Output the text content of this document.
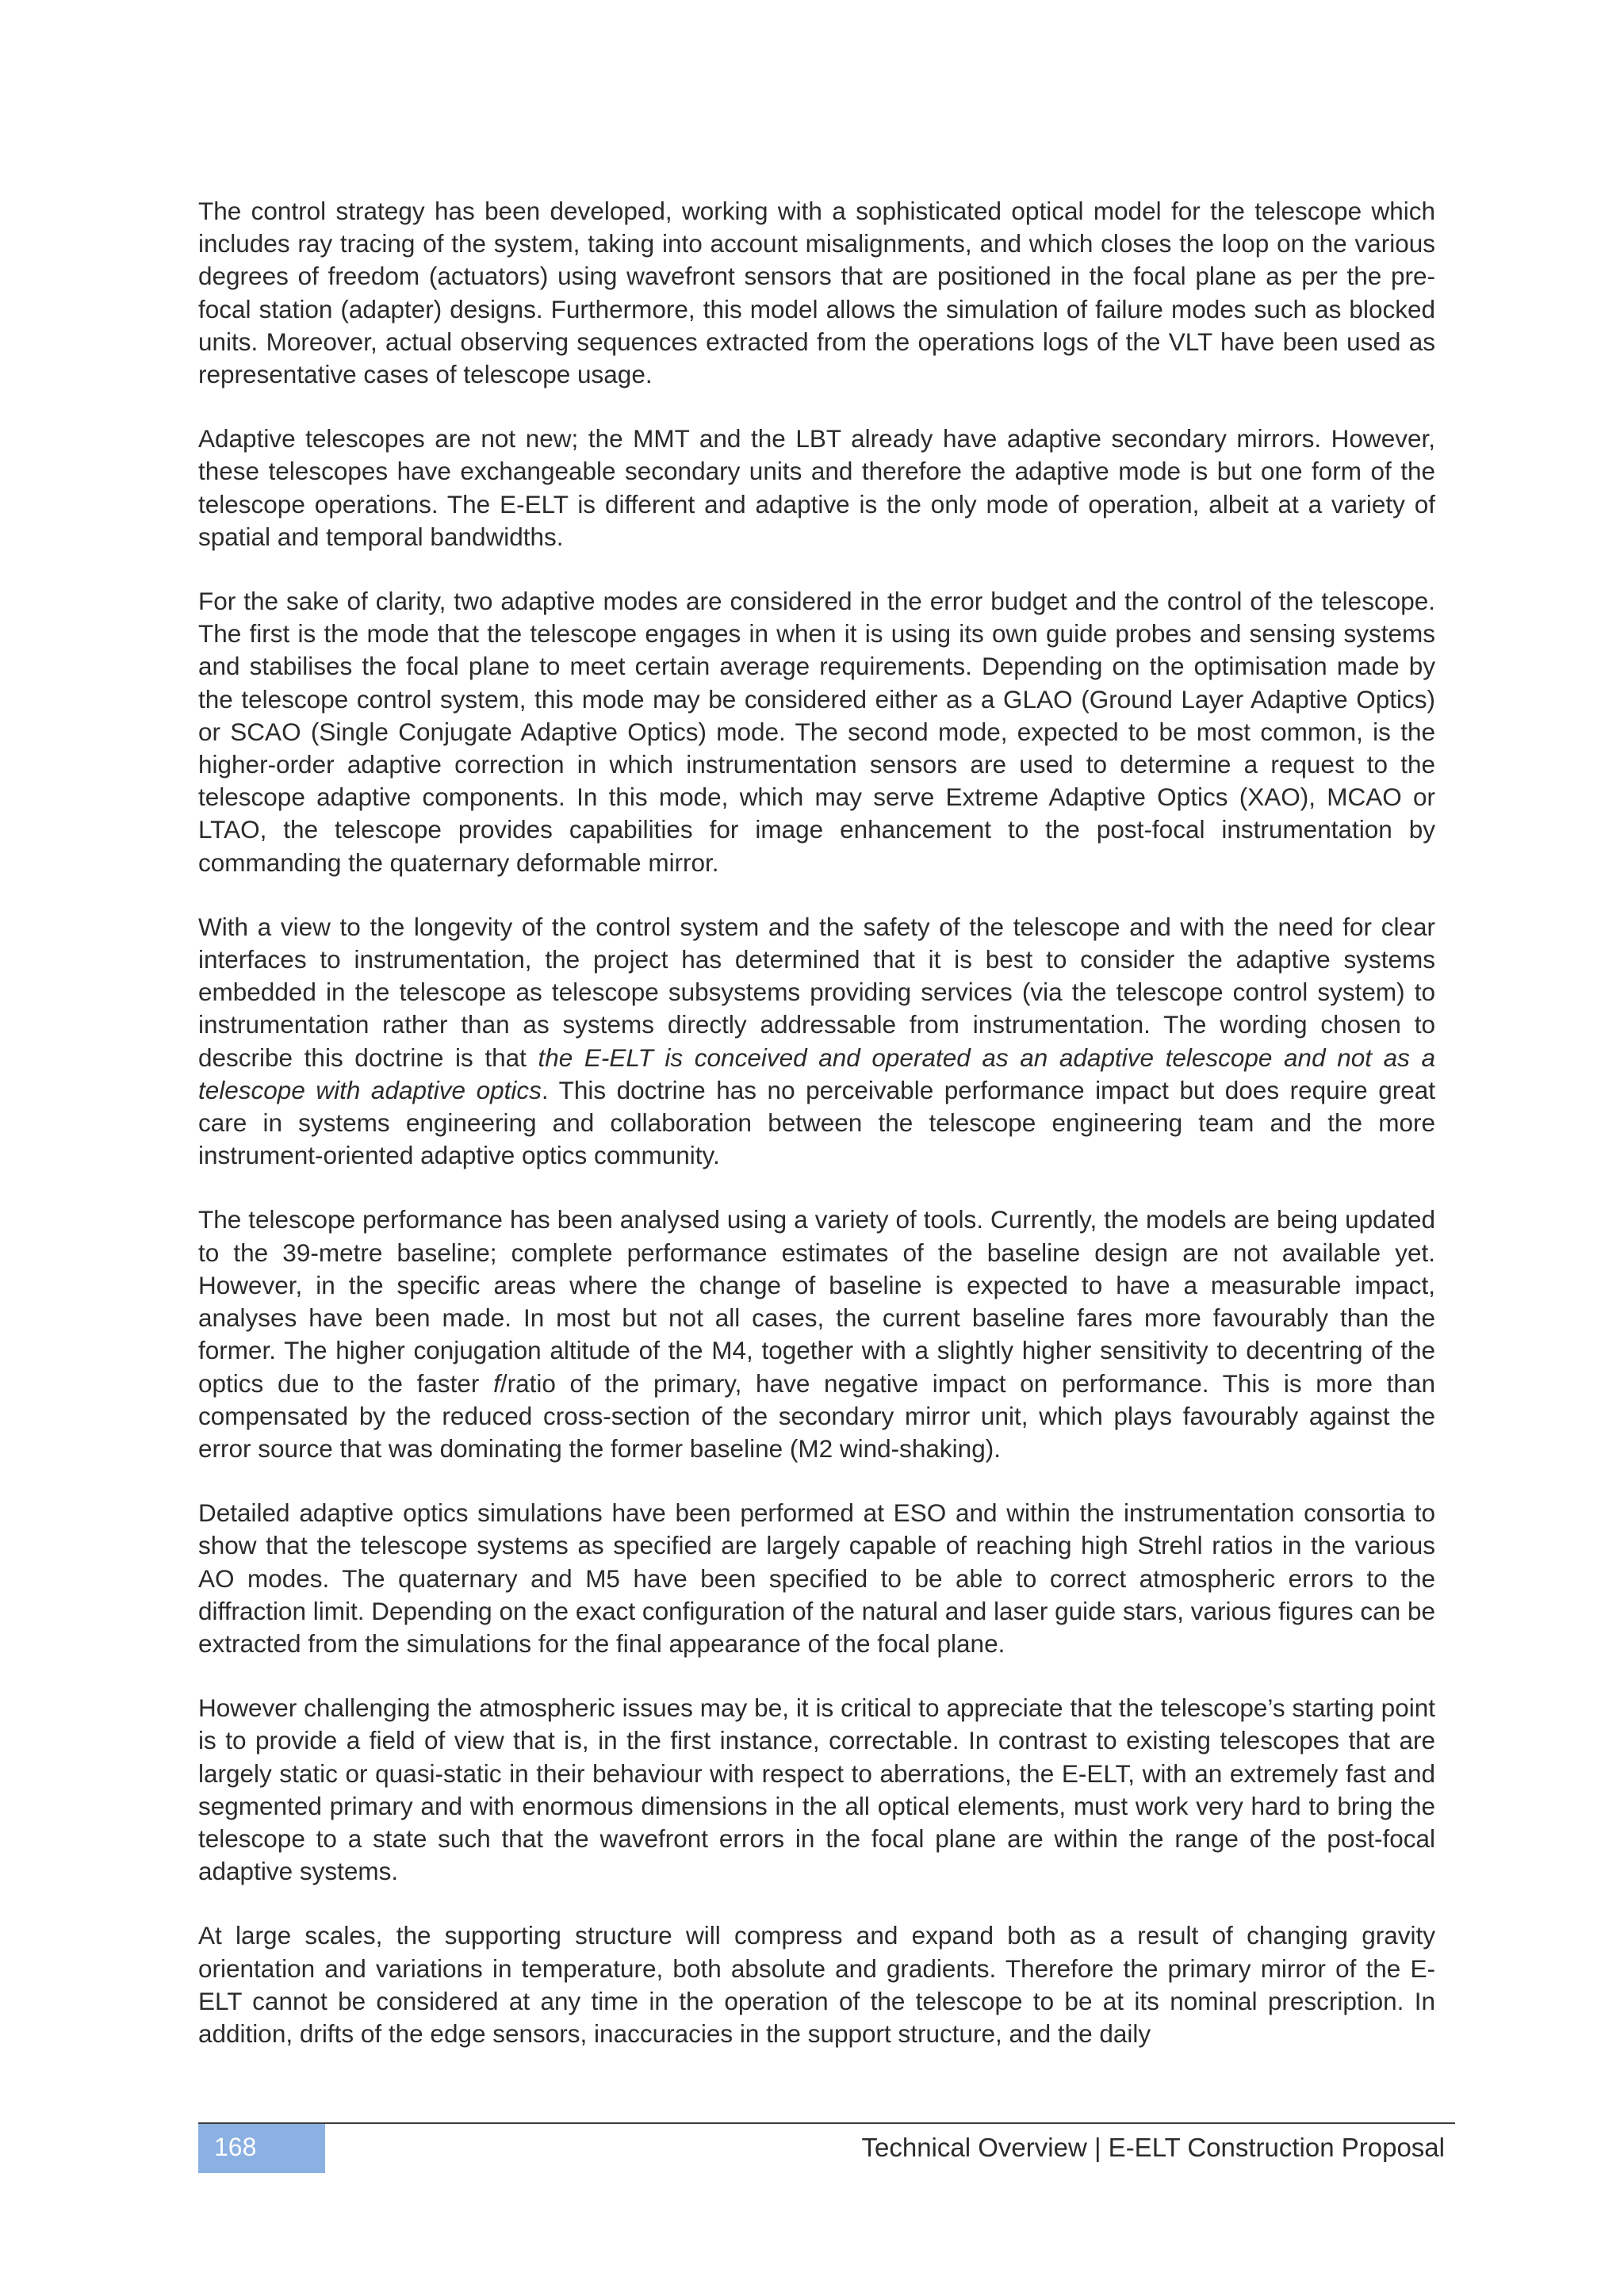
The control strategy has been developed, working with a sophisticated optical model for the telescope which includes ray tracing of the system, taking into account misalignments, and which closes the loop on the various degrees of freedom (actuators) using wavefront sensors that are positioned in the focal plane as per the pre-focal station (adapter) designs. Furthermore, this model allows the simulation of failure modes such as blocked units. Moreover, actual observing sequences extracted from the operations logs of the VLT have been used as representative cases of telescope usage.

Adaptive telescopes are not new; the MMT and the LBT already have adaptive secondary mirrors. However, these telescopes have exchangeable secondary units and therefore the adaptive mode is but one form of the telescope operations. The E-ELT is different and adaptive is the only mode of operation, albeit at a variety of spatial and temporal bandwidths.

For the sake of clarity, two adaptive modes are considered in the error budget and the control of the telescope. The first is the mode that the telescope engages in when it is using its own guide probes and sensing systems and stabilises the focal plane to meet certain average requirements. Depending on the optimisation made by the telescope control system, this mode may be considered either as a GLAO (Ground Layer Adaptive Optics) or SCAO (Single Conjugate Adaptive Optics) mode. The second mode, expected to be most common, is the higher-order adaptive correction in which instrumentation sensors are used to determine a request to the telescope adaptive components. In this mode, which may serve Extreme Adaptive Optics (XAO), MCAO or LTAO, the telescope provides capabilities for image enhancement to the post-focal instrumentation by commanding the quaternary deformable mirror.

With a view to the longevity of the control system and the safety of the telescope and with the need for clear interfaces to instrumentation, the project has determined that it is best to consider the adaptive systems embedded in the telescope as telescope subsystems providing services (via the telescope control system) to instrumentation rather than as systems directly addressable from instrumentation. The wording chosen to describe this doctrine is that the E-ELT is conceived and operated as an adaptive telescope and not as a telescope with adaptive optics. This doctrine has no perceivable performance impact but does require great care in systems engineering and collaboration between the telescope engineering team and the more instrument-oriented adaptive optics community.

The telescope performance has been analysed using a variety of tools. Currently, the models are being updated to the 39-metre baseline; complete performance estimates of the baseline design are not available yet. However, in the specific areas where the change of baseline is expected to have a measurable impact, analyses have been made. In most but not all cases, the current baseline fares more favourably than the former. The higher conjugation altitude of the M4, together with a slightly higher sensitivity to decentring of the optics due to the faster f/ratio of the primary, have negative impact on performance. This is more than compensated by the reduced cross-section of the secondary mirror unit, which plays favourably against the error source that was dominating the former baseline (M2 wind-shaking).

Detailed adaptive optics simulations have been performed at ESO and within the instrumentation consortia to show that the telescope systems as specified are largely capable of reaching high Strehl ratios in the various AO modes. The quaternary and M5 have been specified to be able to correct atmospheric errors to the diffraction limit. Depending on the exact configuration of the natural and laser guide stars, various figures can be extracted from the simulations for the final appearance of the focal plane.

However challenging the atmospheric issues may be, it is critical to appreciate that the telescope’s starting point is to provide a field of view that is, in the first instance, correctable. In contrast to existing telescopes that are largely static or quasi-static in their behaviour with respect to aberrations, the E-ELT, with an extremely fast and segmented primary and with enormous dimensions in the all optical elements, must work very hard to bring the telescope to a state such that the wavefront errors in the focal plane are within the range of the post-focal adaptive systems.

At large scales, the supporting structure will compress and expand both as a result of changing gravity orientation and variations in temperature, both absolute and gradients. Therefore the primary mirror of the E-ELT cannot be considered at any time in the operation of the telescope to be at its nominal prescription. In addition, drifts of the edge sensors, inaccuracies in the support structure, and the daily

168	Technical Overview | E-ELT Construction Proposal
